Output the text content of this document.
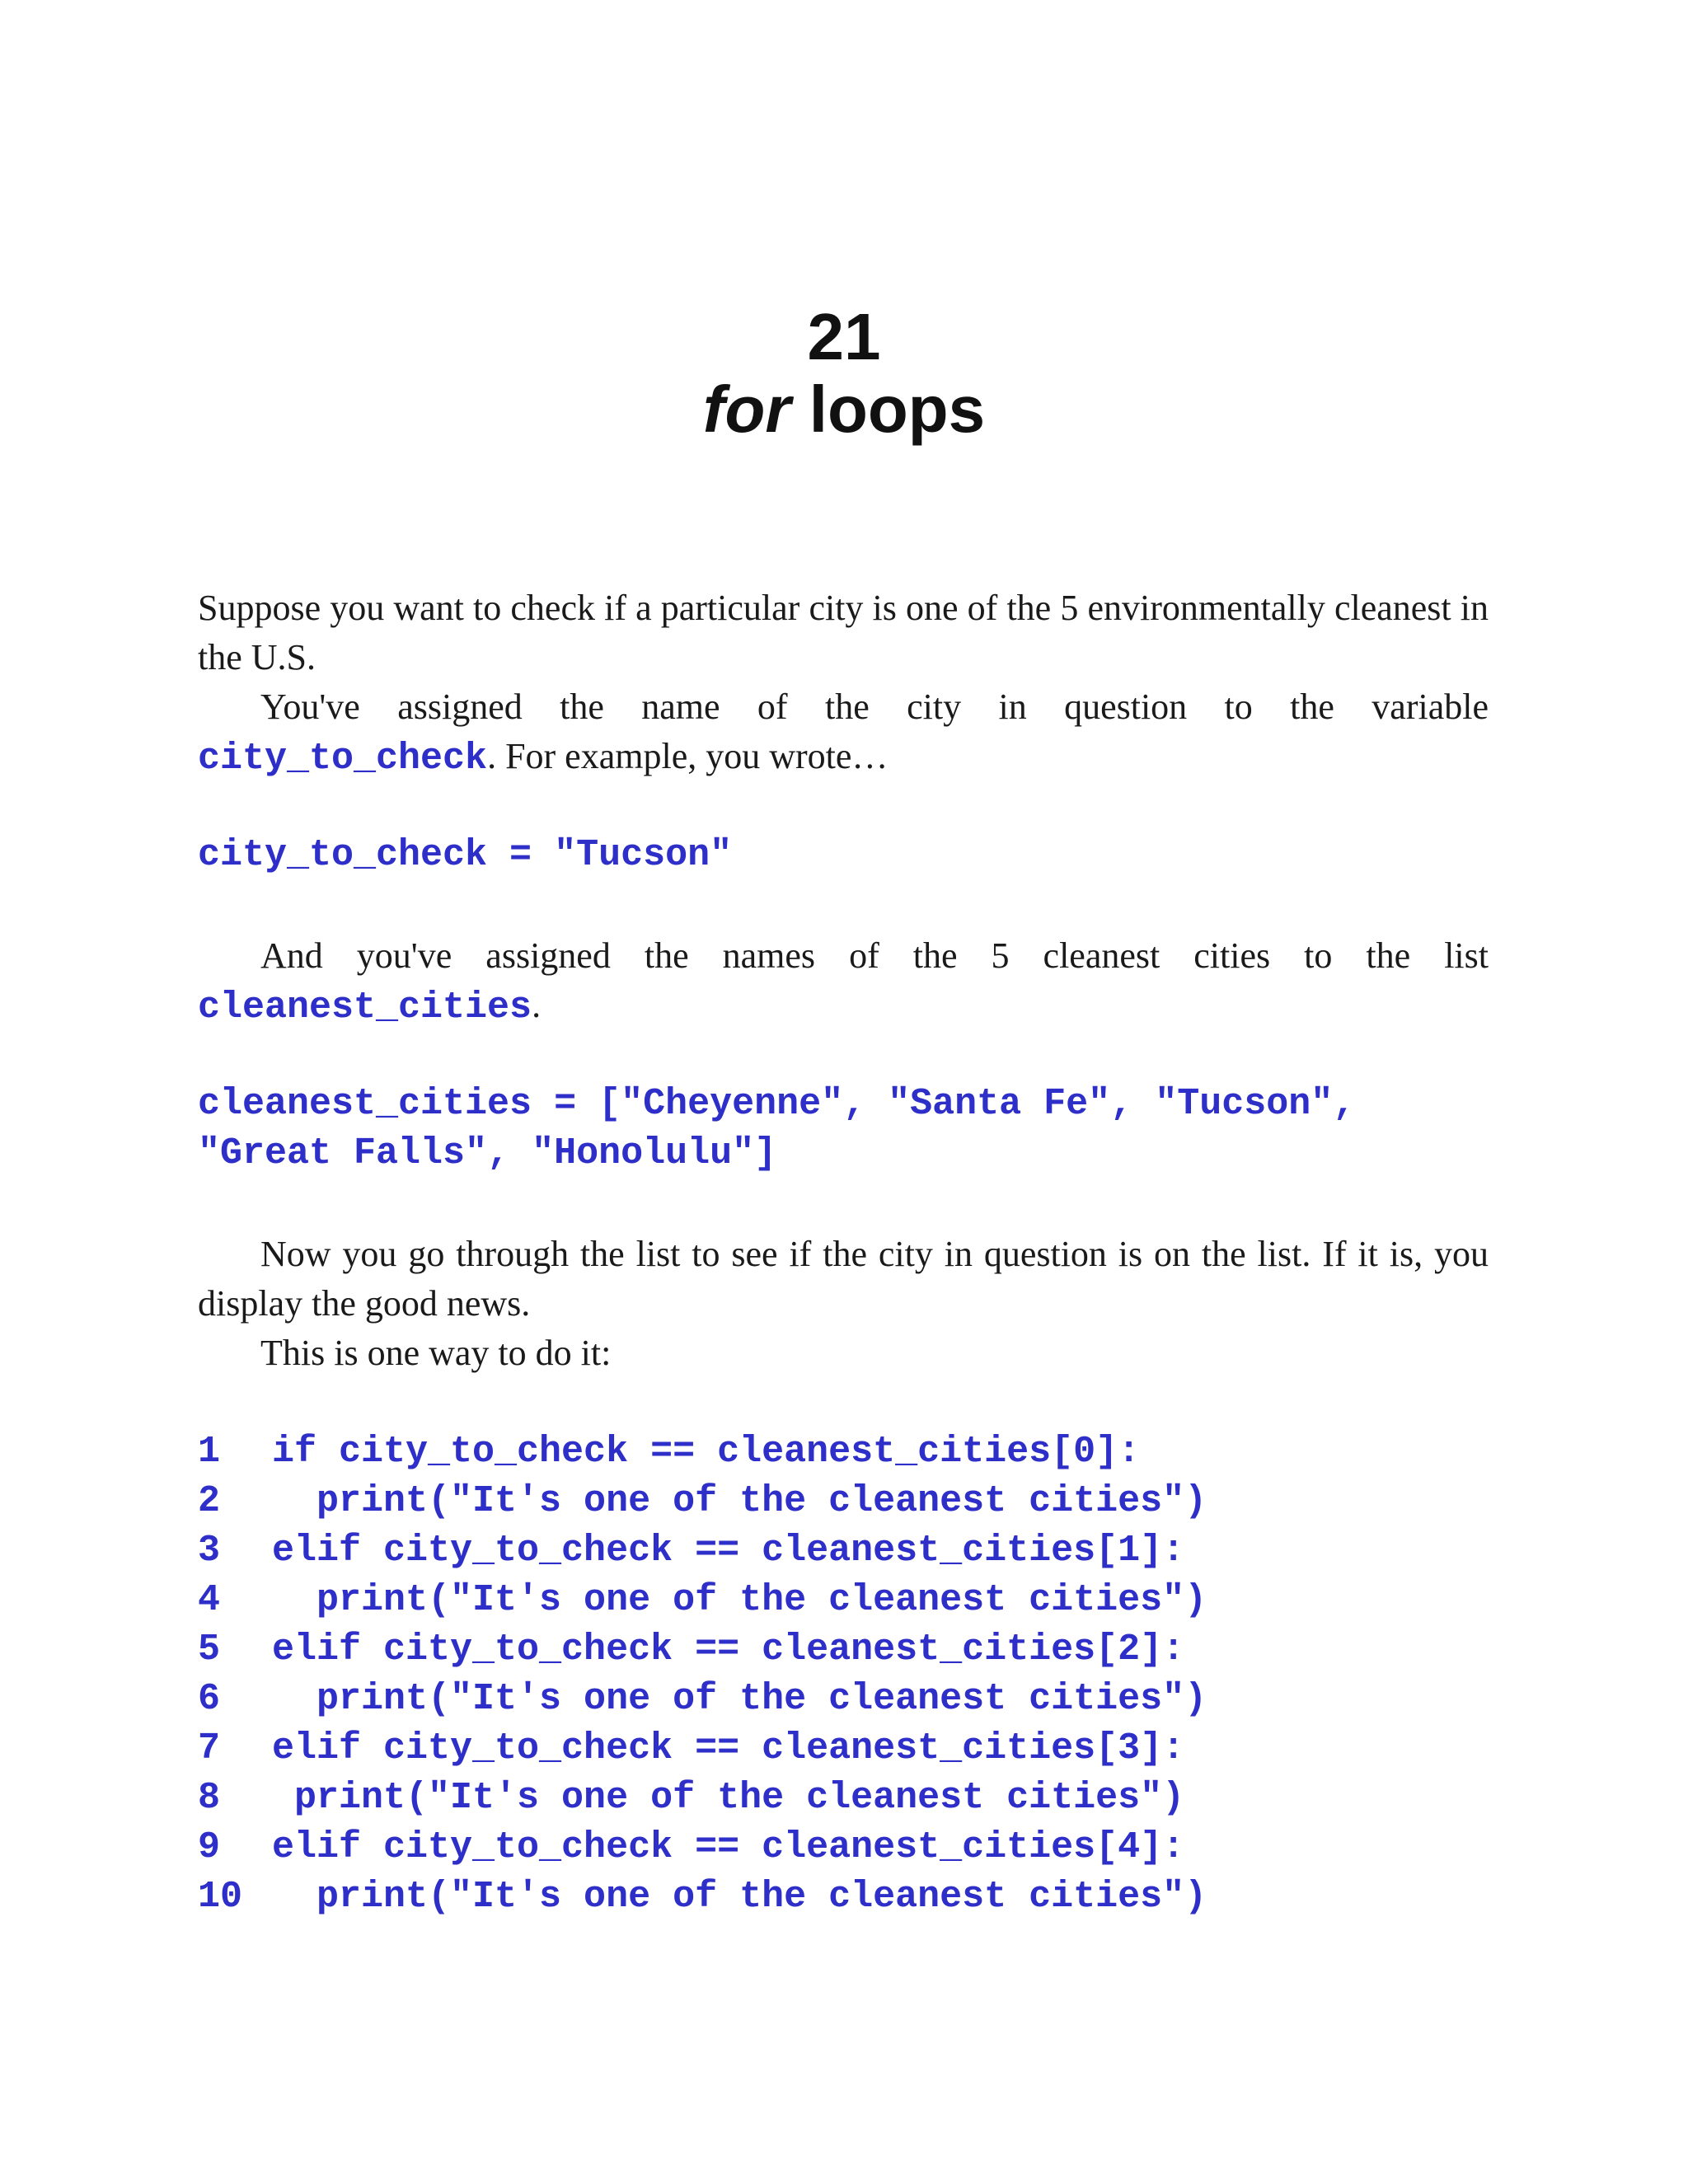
21
for loops

Suppose you want to check if a particular city is one of the 5 environmentally cleanest in the U.S.

You've assigned the name of the city in question to the variable

city_to_check. For example, you wrote…

city_to_check = "Tucson"

And you've assigned the names of the 5 cleanest cities to the list

cleanest_cities.

cleanest_cities = ["Cheyenne", "Santa Fe", "Tucson",
"Great Falls", "Honolulu"]

Now you go through the list to see if the city in question is on the list. If it is, you display the good news.

This is one way to do it:

1 if city_to_check == cleanest_cities[0]:
2  print("It's one of the cleanest cities")
3 elif city_to_check == cleanest_cities[1]:
4  print("It's one of the cleanest cities")
5 elif city_to_check == cleanest_cities[2]:
6  print("It's one of the cleanest cities")
7 elif city_to_check == cleanest_cities[3]:
8 print("It's one of the cleanest cities")
9 elif city_to_check == cleanest_cities[4]:
10  print("It's one of the cleanest cities")
